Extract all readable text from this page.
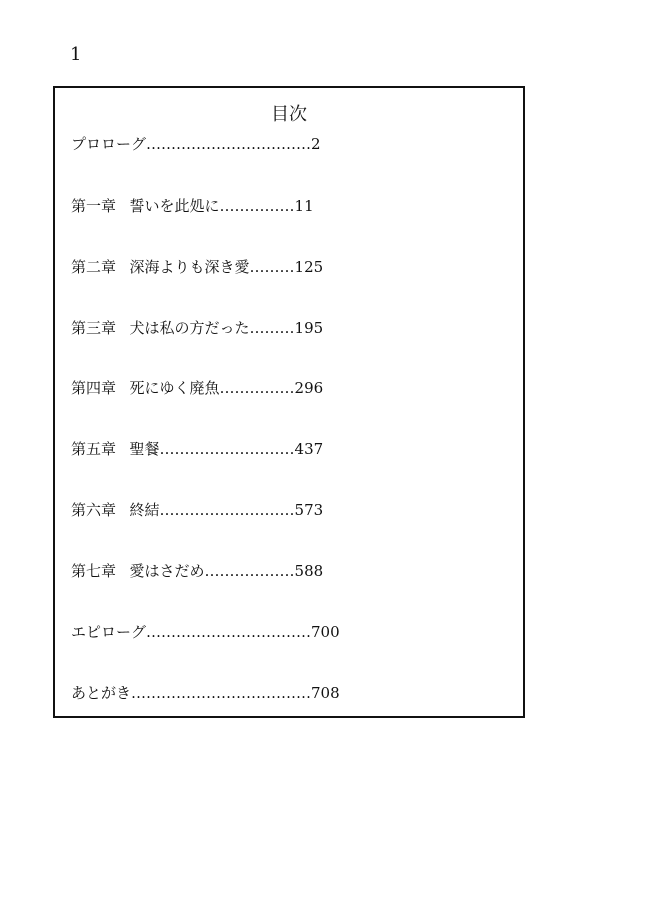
1
目次
プロローグ……………………………2
第一章 誓いを此処に……………11
第二章 深海よりも深き愛………125
第三章 犬は私の方だった………195
第四章 死にゆく廃魚……………296
第五章 聖餐………………………437
第六章 終結………………………573
第七章 愛はさだめ………………588
エピローグ……………………………700
あとがき………………………………708
